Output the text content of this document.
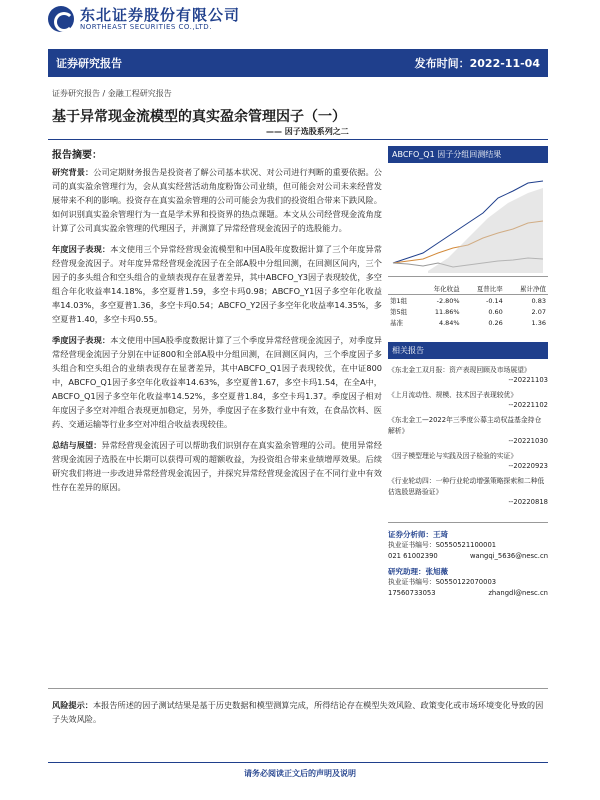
东北证券股份有限公司
NORTHEAST SECURITIES CO.,LTD.
证券研究报告	发布时间：2022-11-04
证券研究报告 / 金融工程研究报告
基于异常现金流模型的真实盈余管理因子（一）
—— 因子选股系列之二
报告摘要：

研究背景：公司定期财务报告是投资者了解公司基本状况、对公司进行判断的重要依据。公司的真实盈余管理行为，会从真实经营活动角度粉饰公司业绩，但可能会对公司未来经营发展带来不利的影响。投资存在真实盈余管理的公司可能会为我们的投资组合带来下跌风险。如何识别真实盈余管理行为一直是学术界和投资界的热点课题。本文从公司经营现金流角度计算了公司真实盈余管理的代理因子，并测算了异常经营现金流因子的选股能力。

年度因子表现：本文使用三个异常经营现金流模型和中国A股年度数据计算了三个年度异常经营现金流因子。对年度异常经营现金流因子在全部A股中分组回测，在回测区间内，三个因子的多头组合和空头组合的业绩表现存在显著差异，其中ABCFO_Y3因子表现较优，多空组合年化收益率14.18%，多空夏普1.59，多空卡玛0.98；ABCFO_Y1因子多空年化收益率14.03%，多空夏普1.36，多空卡玛0.54；ABCFO_Y2因子多空年化收益率14.35%，多空夏普1.40，多空卡玛0.55。

季度因子表现：本文使用中国A股季度数据计算了三个季度异常经营现金流因子，对季度异常经营现金流因子分别在中证800和全部A股中分组回测，在回测区间内，三个季度因子多头组合和空头组合的业绩表现存在显著差异，其中ABCFO_Q1因子表现较优，在中证800中，ABCFO_Q1因子多空年化收益率14.63%，多空夏普1.67，多空卡玛1.54，在全A中，ABCFO_Q1因子多空年化收益率14.52%，多空夏普1.84，多空卡玛1.37。季度因子相对年度因子多空对冲组合表现更加稳定，另外，季度因子在多数行业中有效，在食品饮料、医药、交通运输等行业多空对冲组合收益表现较佳。

总结与展望：异常经营现金流因子可以帮助我们识别存在真实盈余管理的公司。使用异常经营现金流因子选股在中长期可以获得可观的超额收益，为投资组合带来业绩增厚效果。后续研究我们将进一步改进异常经营现金流因子，并探究异常经营现金流因子在不同行业中有效性存在差异的原因。

ABCFO_Q1 因子分组回测结果
	年化收益	夏普比率	累计净值
第1组	-2.80%	-0.14	0.83
第5组	11.86%	0.60	2.07
基准	4.84%	0.26	1.36
相关报告
《东北金工双月报：资产表现回顾及市场展望》
--20221103
《上月流动性、规模、技术因子表现较优》
--20221102
《东北金工—2022年三季度公募主动权益基金持仓解析》
--20221030
《因子模型理论与实践及因子检验的实证》
--20220923
《行业轮动四：一种行业轮动增强策略探索和二种低估选股思路验证》
--20220818
证券分析师：王琦
执业证书编号：S0550521100001
021 61002390	wangqi_5636@nesc.cn
研究助理：张旭薇
执业证书编号：S0550122070003
17560733053	zhangdl@nesc.cn
风险提示：本报告所述的因子测试结果是基于历史数据和模型测算完成，所得结论存在模型失效风险、政策变化或市场环境变化导致的因子失效风险。
请务必阅读正文后的声明及说明
